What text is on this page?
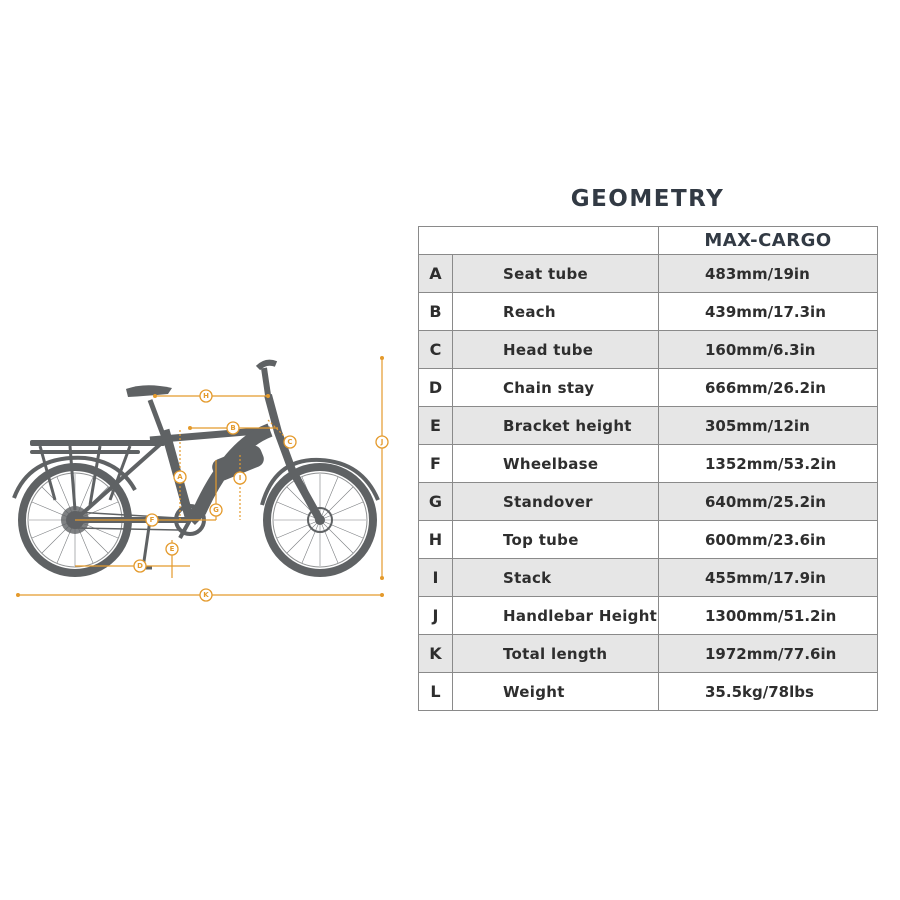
A
B
C
D
E
F
G
H
I
J
K
GEOMETRY
		MAX-CARGO
A	Seat tube	483mm/19in
B	Reach	439mm/17.3in
C	Head tube	160mm/6.3in
D	Chain stay	666mm/26.2in
E	Bracket height	305mm/12in
F	Wheelbase	1352mm/53.2in
G	Standover	640mm/25.2in
H	Top tube	600mm/23.6in
I	Stack	455mm/17.9in
J	Handlebar Height	1300mm/51.2in
K	Total length	1972mm/77.6in
L	Weight	35.5kg/78lbs
